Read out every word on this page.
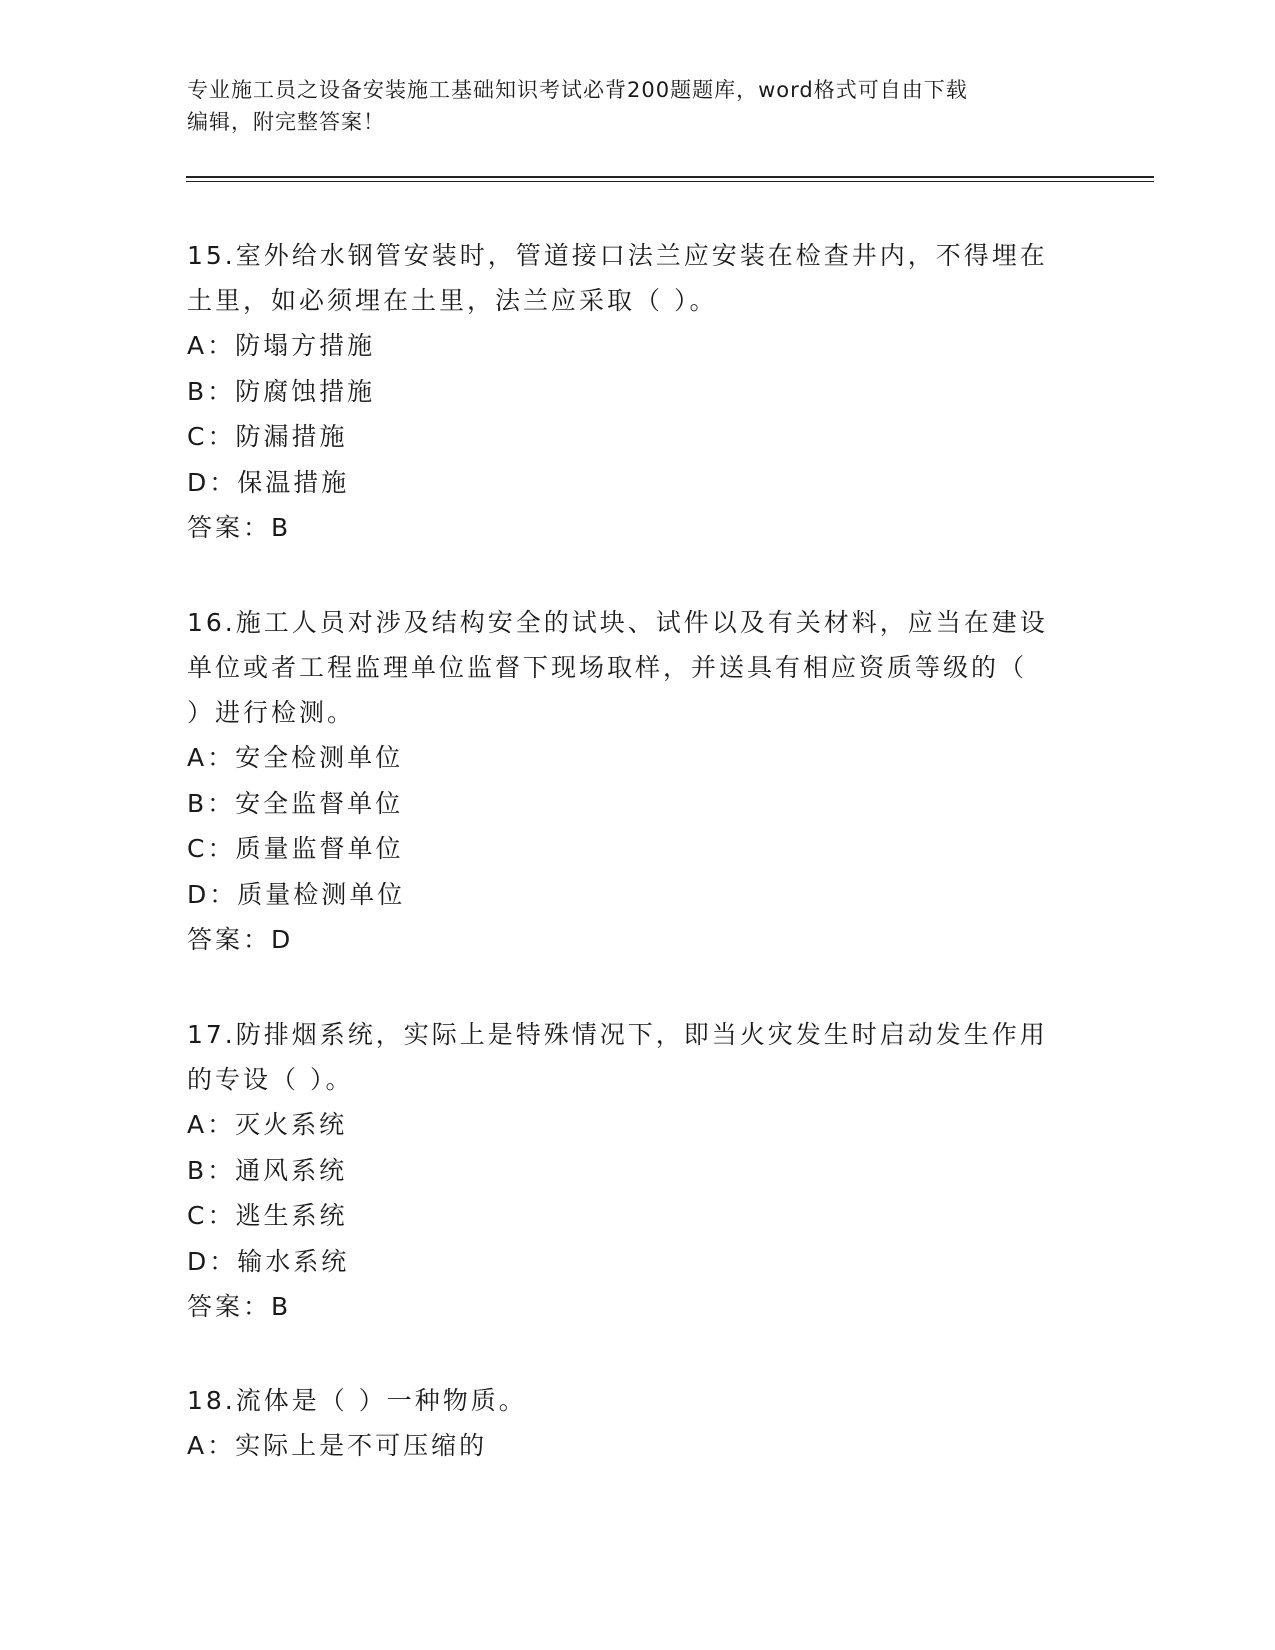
专业施工员之设备安装施工基础知识考试必背200题题库，word格式可自由下载
编辑，附完整答案！

15.室外给水钢管安装时，管道接口法兰应安装在检查井内，不得埋在

土里，如必须埋在土里，法兰应采取（ ）。

A：防塌方措施

B：防腐蚀措施

C：防漏措施

D：保温措施

答案：B

16.施工人员对涉及结构安全的试块、试件以及有关材料，应当在建设

单位或者工程监理单位监督下现场取样，并送具有相应资质等级的（

）进行检测。

A：安全检测单位

B：安全监督单位

C：质量监督单位

D：质量检测单位

答案：D

17.防排烟系统，实际上是特殊情况下，即当火灾发生时启动发生作用

的专设（ ）。

A：灭火系统

B：通风系统

C：逃生系统

D：输水系统

答案：B

18.流体是（ ）一种物质。

A：实际上是不可压缩的
